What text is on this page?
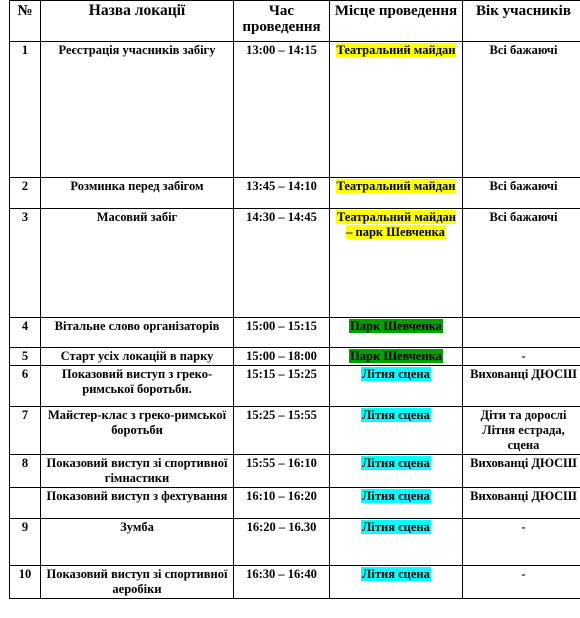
№	Назва локації	Час проведення	Місце проведення	Вік учасників
1	Реєстрація учасників забігу	13:00 – 14:15	Театральний майдан	Всі бажаючі
2	Розминка перед забігом	13:45 – 14:10	Театральний майдан	Всі бажаючі
3	Масовий забіг	14:30 – 14:45	Театральний майдан – парк Шевченка	Всі бажаючі
4	Вітальне слово організаторів	15:00 – 15:15	Парк Шевченка	
5	Старт усіх локацій в парку	15:00 – 18:00	Парк Шевченка	-
6	Показовий виступ з греко-римської боротьби.	15:15 – 15:25	Літня сцена	Вихованці ДЮСШ
7	Майстер-клас з греко-римської боротьби	15:25 – 15:55	Літня сцена	Діти та дорослі Літня естрада, сцена
8	Показовий виступ зі спортивної гімнастики	15:55 – 16:10	Літня сцена	Вихованці ДЮСШ
	Показовий виступ з фехтування	16:10 – 16:20	Літня сцена	Вихованці ДЮСШ
9	Зумба	16:20 – 16.30	Літня сцена	-
10	Показовий виступ зі спортивної аеробіки	16:30 – 16:40	Літня сцена	-
